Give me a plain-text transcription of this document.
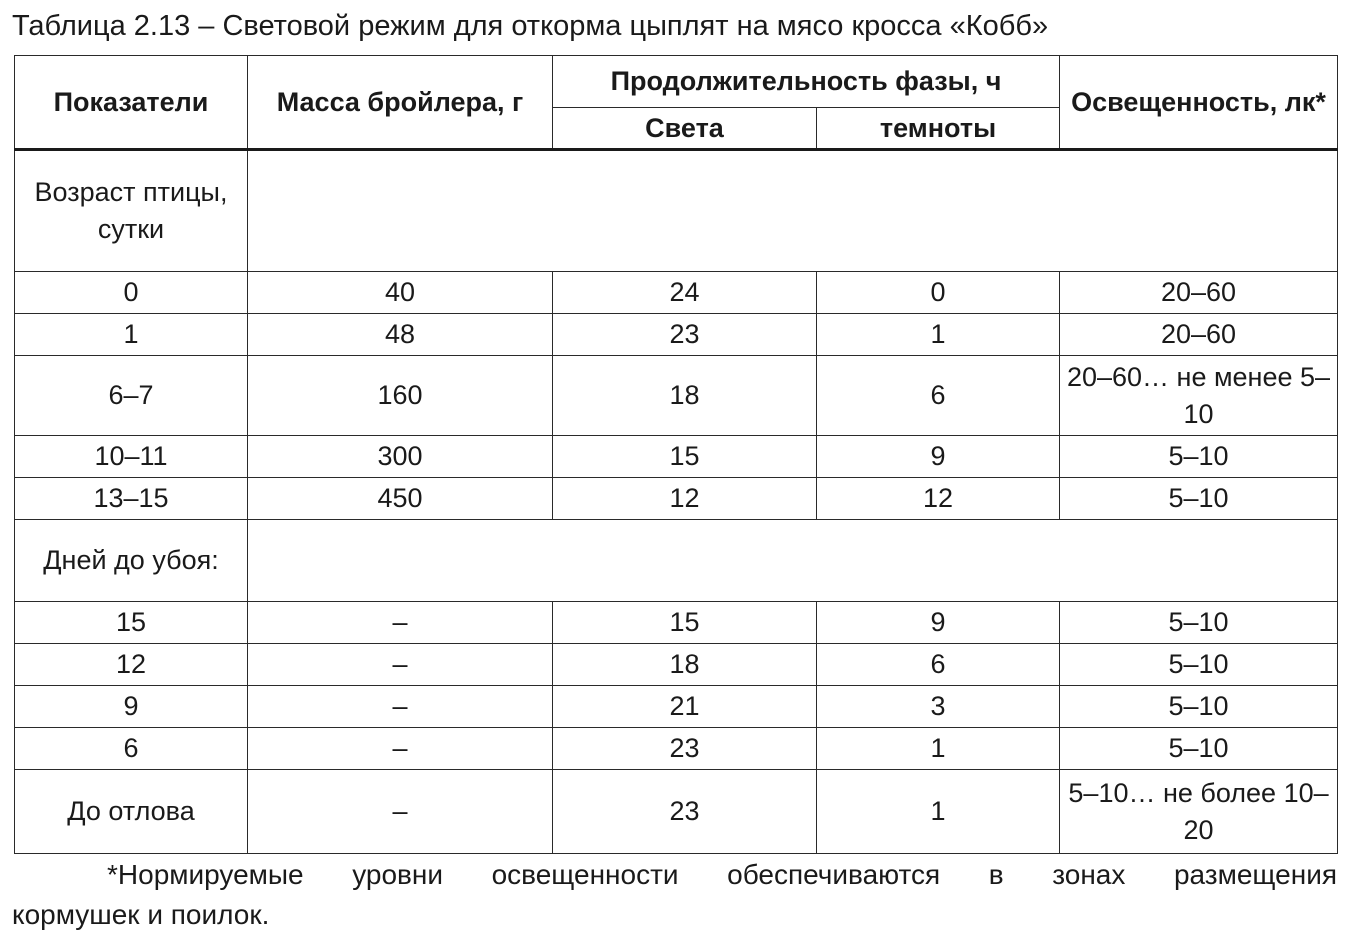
Таблица 2.13 – Световой режим для откорма цыплят на мясо кросса «Кобб»
Показатели	Масса бройлера, г	Продолжительность фазы, ч		Освещенность, лк*
		Света	темноты	
Возраст птицы, сутки				
0	40	24	0	20–60
1	48	23	1	20–60
6–7	160	18	6	20–60… не менее 5–10
10–11	300	15	9	5–10
13–15	450	12	12	5–10
Дней до убоя:				
15	–	15	9	5–10
12	–	18	6	5–10
9	–	21	3	5–10
6	–	23	1	5–10
До отлова	–	23	1	5–10… не более 10–20
*Нормируемые уровни освещенности обеспечиваются в зонах размещения
кормушек и поилок.
